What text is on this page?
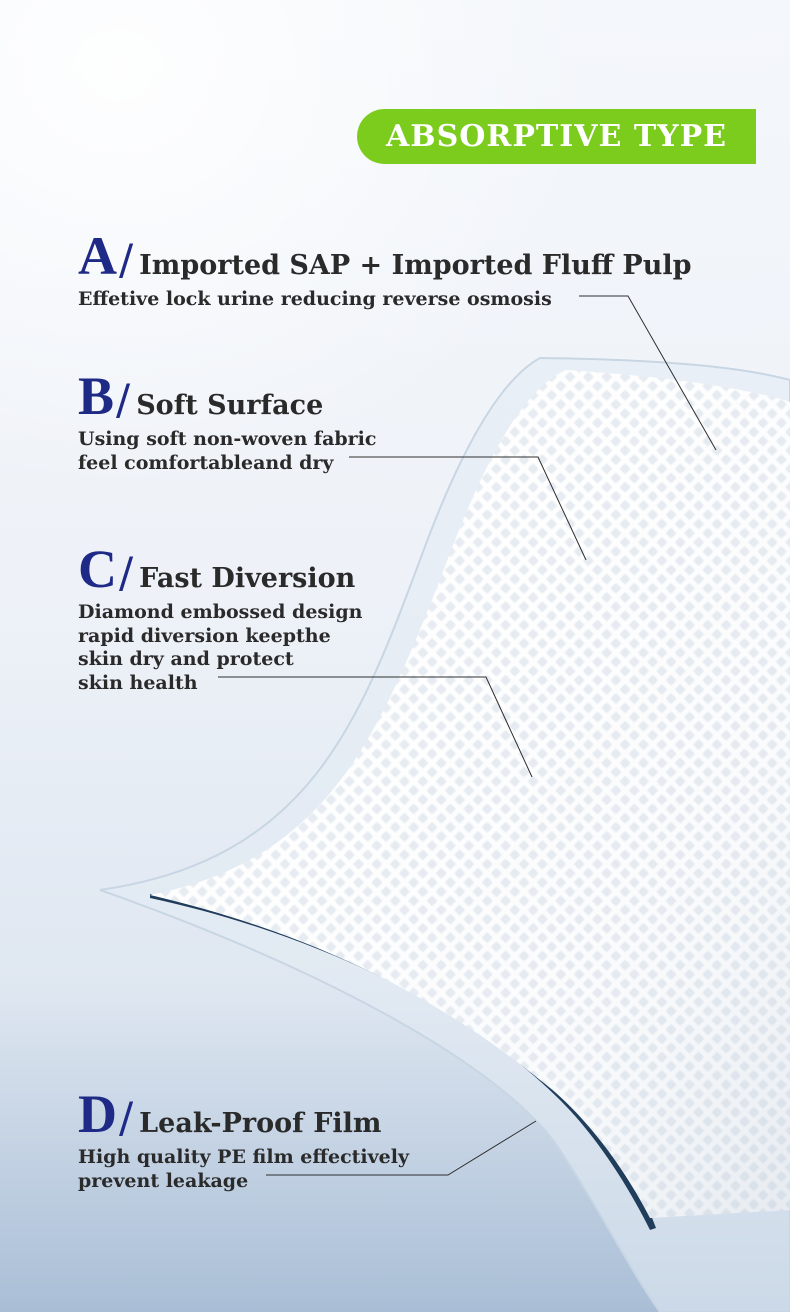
ABSORPTIVE TYPE
A / Imported SAP + Imported Fluff Pulp
Effetive lock urine reducing reverse osmosis
B / Soft Surface
Using soft non-woven fabric
feel comfortableand dry
C / Fast Diversion
Diamond embossed design
rapid diversion keepthe
skin dry and protect
skin health
D / Leak-Proof Film
High quality PE film effectively
prevent leakage
